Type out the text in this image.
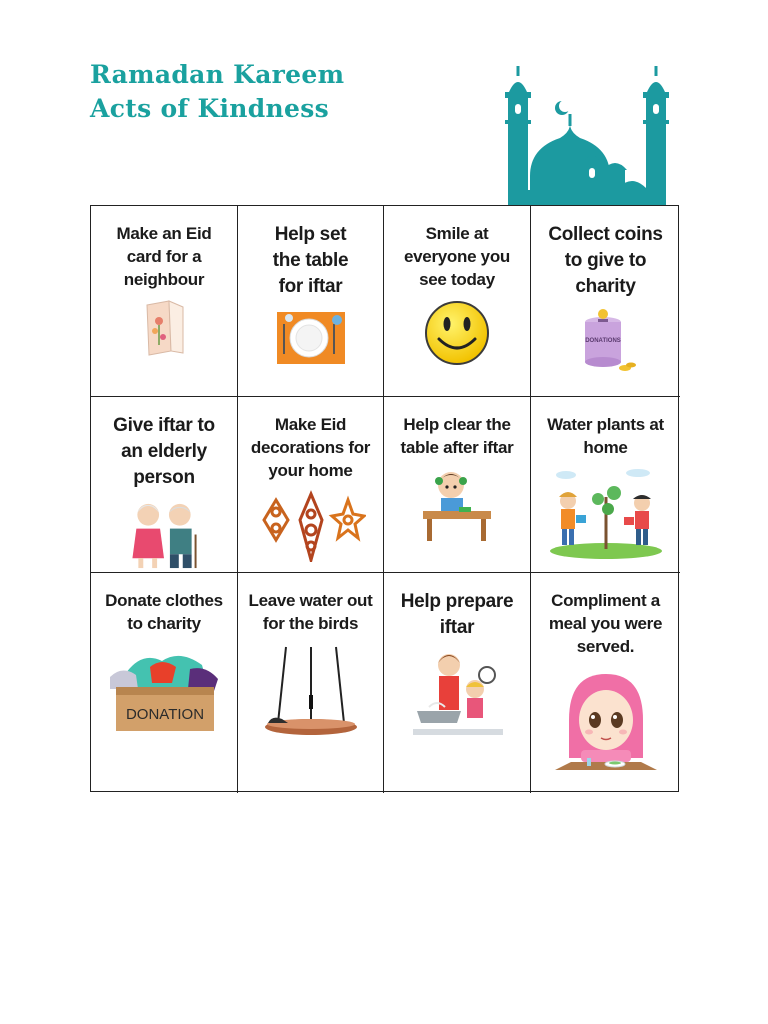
Ramadan Kareem
Acts of Kindness
Make an Eid
card for a
neighbour
Help set
the table
for iftar
Smile at
everyone you
see today
Collect coins
to give to
charity
DONATIONS
Give iftar to
an elderly
person
Make Eid
decorations for
your home
Help clear the
table after iftar
Water plants at
home
Donate clothes
to charity
DONATION
Leave water out
for the birds
Help prepare
iftar
Compliment a
meal you were
served.
